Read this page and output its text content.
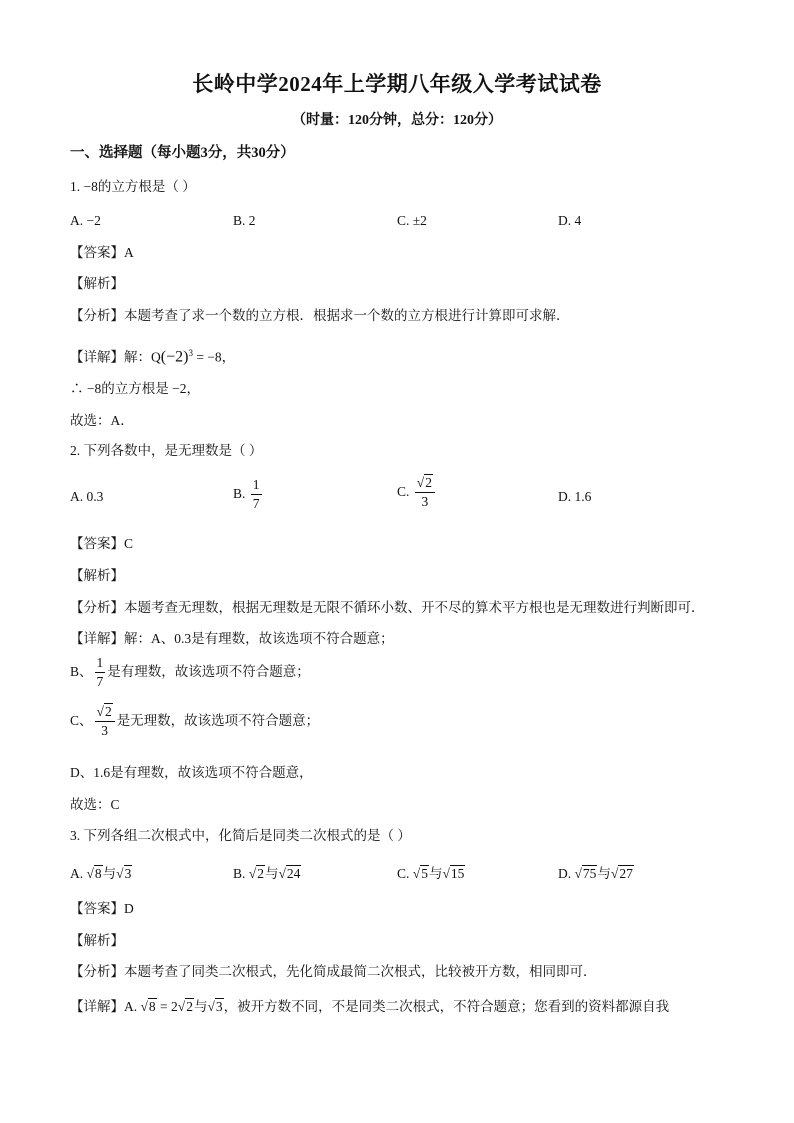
长岭中学2024年上学期八年级入学考试试卷
（时量：120分钟，总分：120分）
一、选择题（每小题3分，共30分）
1. −8的立方根是（ ）
A. −2	B. 2	C. ±2	D. 4
【答案】A
【解析】
【分析】本题考查了求一个数的立方根．根据求一个数的立方根进行计算即可求解．
【详解】解：$Q(-2)^3 = -8$，
∴ −8的立方根是 −2，
故选：A．
2. 下列各数中，是无理数是（ ）
A. 0.3	B. $\frac{1}{7}$	C. $\frac{√2}{3}$	D. 1.6
【答案】C
【解析】
【分析】本题考查无理数，根据无理数是无限不循环小数、开不尽的算术平方根也是无理数进行判断即可．
【详解】解：A、0.3是有理数，故该选项不符合题意；
B、 $\frac{1}{7}$ 是有理数，故该选项不符合题意；
C、 $\frac{√2}{3}$ 是无理数，故该选项不符合题意；
D、1.6是有理数，故该选项不符合题意，
故选：C
3. 下列各组二次根式中，化简后是同类二次根式的是（ ）
A. √8与√3	B. √2与√24	C. √5与√15	D. √75与√27
【答案】D
【解析】
【分析】本题考查了同类二次根式，先化简成最简二次根式，比较被开方数，相同即可．
【详解】A. √8 = 2√2与√3，被开方数不同，不是同类二次根式，不符合题意；您看到的资料都源自我
